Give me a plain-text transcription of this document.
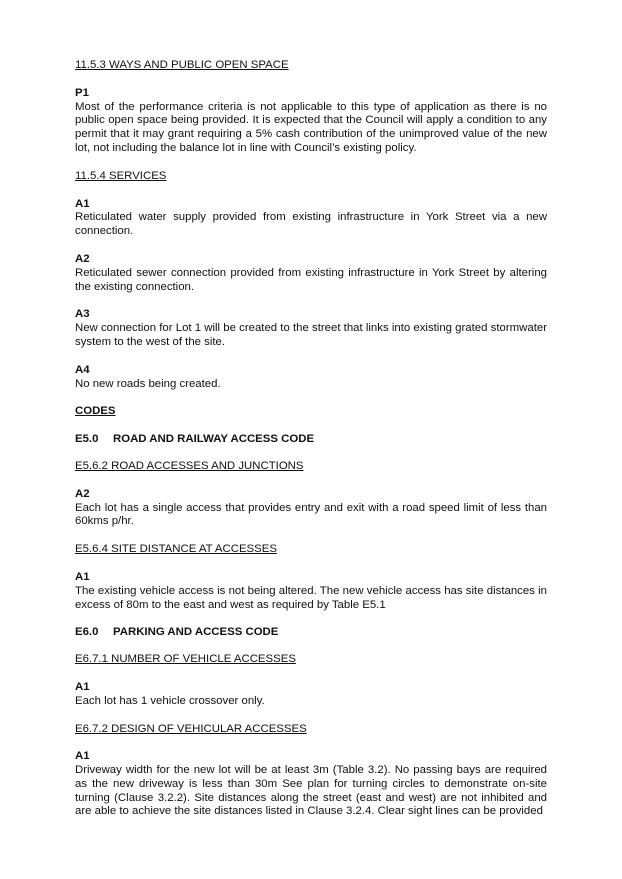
11.5.3 WAYS AND PUBLIC OPEN SPACE

P1

Most of the performance criteria is not applicable to this type of application as there is no public open space being provided. It is expected that the Council will apply a condition to any permit that it may grant requiring a 5% cash contribution of the unimproved value of the new lot, not including the balance lot in line with Council’s existing policy.

11.5.4 SERVICES

A1

Reticulated water supply provided from existing infrastructure in York Street via a new connection.

A2

Reticulated sewer connection provided from existing infrastructure in York Street by altering the existing connection.

A3

New connection for Lot 1 will be created to the street that links into existing grated stormwater system to the west of the site.

A4

No new roads being created.

CODES

E5.0 ROAD AND RAILWAY ACCESS CODE

E5.6.2 ROAD ACCESSES AND JUNCTIONS

A2

Each lot has a single access that provides entry and exit with a road speed limit of less than 60kms p/hr.

E5.6.4 SITE DISTANCE AT ACCESSES

A1

The existing vehicle access is not being altered. The new vehicle access has site distances in excess of 80m to the east and west as required by Table E5.1

E6.0 PARKING AND ACCESS CODE

E6.7.1 NUMBER OF VEHICLE ACCESSES

A1

Each lot has 1 vehicle crossover only.

E6.7.2 DESIGN OF VEHICULAR ACCESSES

A1

Driveway width for the new lot will be at least 3m (Table 3.2). No passing bays are required as the new driveway is less than 30m See plan for turning circles to demonstrate on-site turning (Clause 3.2.2). Site distances along the street (east and west) are not inhibited and are able to achieve the site distances listed in Clause 3.2.4. Clear sight lines can be provided
